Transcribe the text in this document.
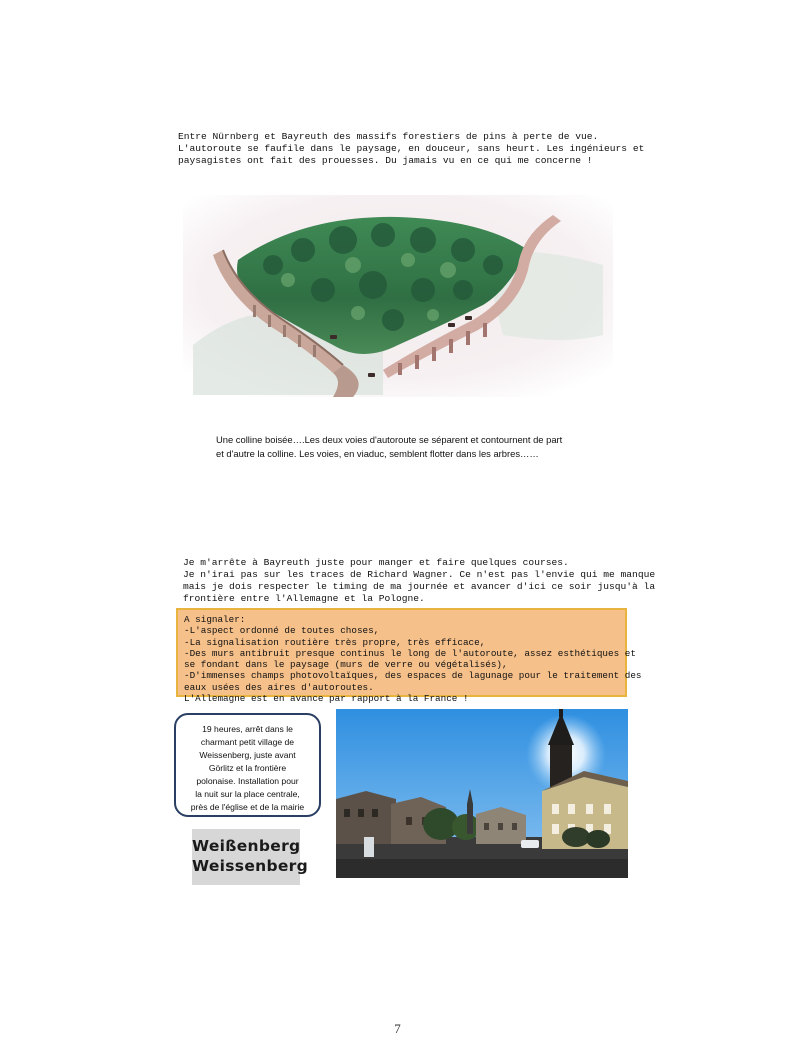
Entre Nürnberg et Bayreuth des massifs forestiers de pins à perte de vue.
L'autoroute se faufile dans le paysage, en douceur, sans heurt. Les ingénieurs et
paysagistes ont fait des prouesses. Du jamais vu en ce qui me concerne !
Une colline boisée….Les deux voies d'autoroute se séparent et contournent de part
et d'autre la colline. Les voies, en viaduc, semblent flotter dans les arbres……
Je m'arrête à Bayreuth juste pour manger et faire quelques courses.
Je n'irai pas sur les traces de Richard Wagner. Ce n'est pas l'envie qui me manque
mais je dois respecter le timing de ma journée et avancer d'ici ce soir jusqu'à la
frontière entre l'Allemagne et la Pologne.
A signaler:
-L'aspect ordonné de toutes choses,
-La signalisation routière très propre, très efficace,
-Des murs antibruit presque continus le long de l'autoroute, assez esthétiques et
se fondant dans le paysage (murs de verre ou végétalisés),
-D'immenses champs photovoltaïques, des espaces de lagunage pour le traitement des
eaux usées des aires d'autoroutes.
L'Allemagne est en avance par rapport à la France !
19 heures, arrêt dans le
charmant petit village de
Weissenberg, juste avant
Görlitz et la frontière
polonaise. Installation pour
la nuit sur la place centrale,
près de l'église et de la mairie
Weißenberg
Weissenberg
7
